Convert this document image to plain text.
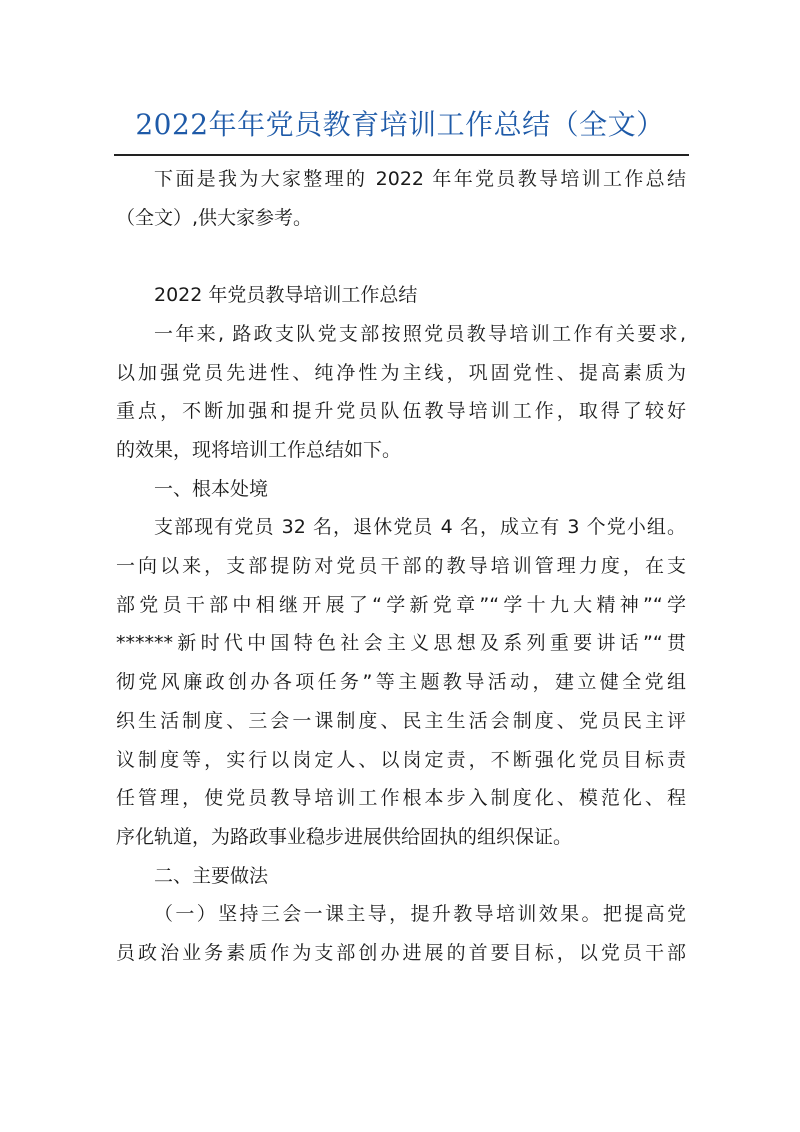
2022年年党员教育培训工作总结（全文）
下面是我为大家整理的 2022 年年党员教导培训工作总结
（全文）,供大家参考。
2022 年党员教导培训工作总结
一年来, 路政支队党支部按照党员教导培训工作有关要求,
以加强党员先进性、纯净性为主线，巩固党性、提高素质为
重点，不断加强和提升党员队伍教导培训工作，取得了较好
的效果，现将培训工作总结如下。
一、根本处境
支部现有党员 32 名，退休党员 4 名，成立有 3 个党小组。
一向以来，支部提防对党员干部的教导培训管理力度，在支
部党员干部中相继开展了“学新党章”“学十九大精神”“学
******新时代中国特色社会主义思想及系列重要讲话”“贯
彻党风廉政创办各项任务”等主题教导活动，建立健全党组
织生活制度、三会一课制度、民主生活会制度、党员民主评
议制度等，实行以岗定人、以岗定责，不断强化党员目标责
任管理，使党员教导培训工作根本步入制度化、模范化、程
序化轨道，为路政事业稳步进展供给固执的组织保证。
二、主要做法
（一）坚持三会一课主导，提升教导培训效果。把提高党
员政治业务素质作为支部创办进展的首要目标，以党员干部
